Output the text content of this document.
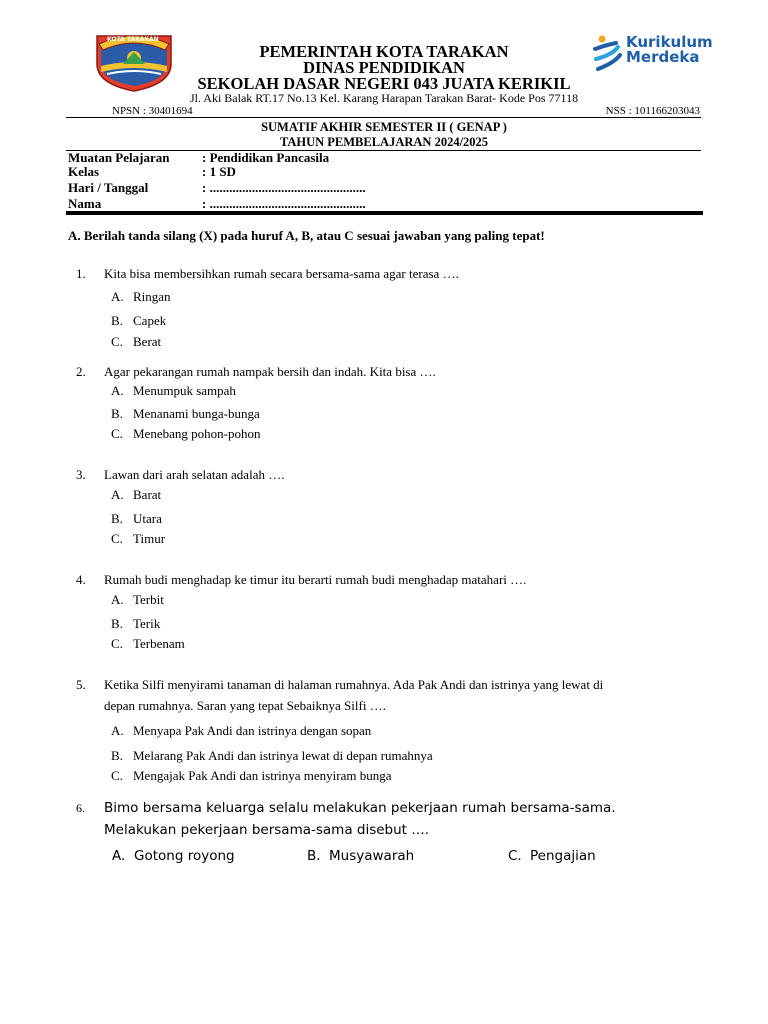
KOTA TARAKAN	Kurikulum
Merdeka
PEMERINTAH KOTA TARAKAN
DINAS PENDIDIKAN
SEKOLAH DASAR NEGERI 043 JUATA KERIKIL
Jl. Aki Balak RT.17 No.13 Kel. Karang Harapan Tarakan Barat- Kode Pos 77118
NPSN : 30401694	NSS : 101166203043
SUMATIF AKHIR SEMESTER II ( GENAP )
TAHUN PEMBELAJARAN 2024/2025
Muatan Pelajaran	: Pendidikan Pancasila
Kelas	: 1 SD
Hari / Tanggal	: ................................................
Nama	: ................................................
A. Berilah tanda silang (X) pada huruf A, B, atau C sesuai jawaban yang paling tepat!
1. Kita bisa membersihkan rumah secara bersama-sama agar terasa ….
A. Ringan
B. Capek
C. Berat
2. Agar pekarangan rumah nampak bersih dan indah. Kita bisa ….
A. Menumpuk sampah
B. Menanami bunga-bunga
C. Menebang pohon-pohon
3. Lawan dari arah selatan adalah ….
A. Barat
B. Utara
C. Timur
4. Rumah budi menghadap ke timur itu berarti rumah budi menghadap matahari ….
A. Terbit
B. Terik
C. Terbenam
5. Ketika Silfi menyirami tanaman di halaman rumahnya. Ada Pak Andi dan istrinya yang lewat di
depan rumahnya. Saran yang tepat Sebaiknya Silfi ….
A. Menyapa Pak Andi dan istrinya dengan sopan
B. Melarang Pak Andi dan istrinya lewat di depan rumahnya
C. Mengajak Pak Andi dan istrinya menyiram bunga
6. Bimo bersama keluarga selalu melakukan pekerjaan rumah bersama-sama.
Melakukan pekerjaan bersama-sama disebut ….
A. Gotong royong	B. Musyawarah	C. Pengajian
